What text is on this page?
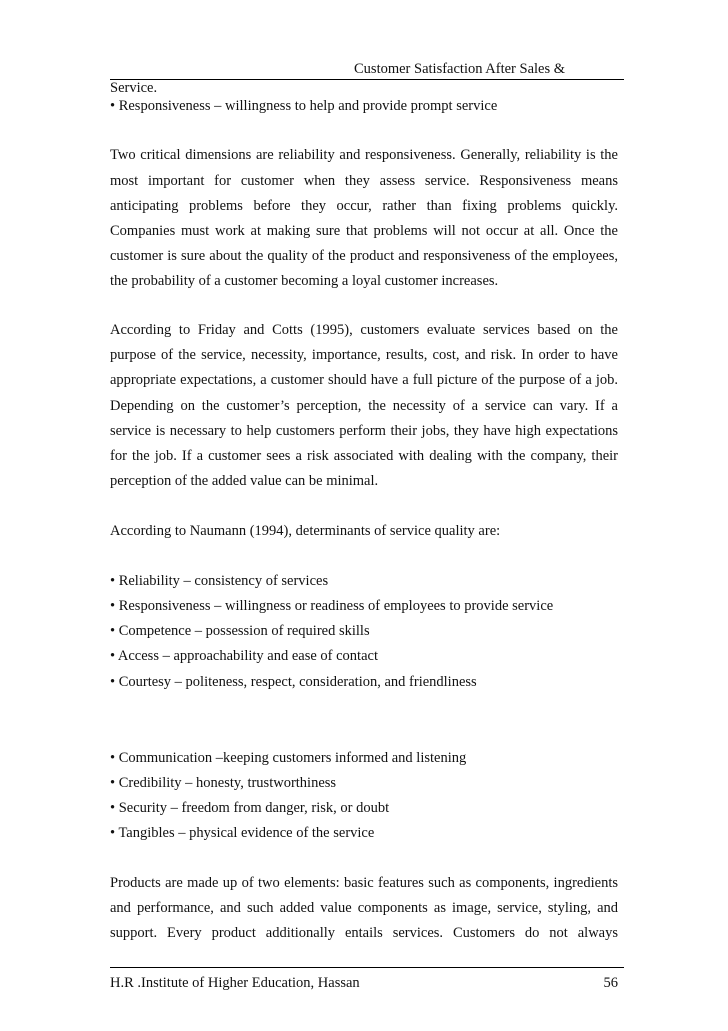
Customer Satisfaction After Sales &
Service.
• Responsiveness – willingness to help and provide prompt service
Two critical dimensions are reliability and responsiveness. Generally, reliability is the
most important for customer when they assess service. Responsiveness means
anticipating problems before they occur, rather than fixing problems quickly.
Companies must work at making sure that problems will not occur at all. Once the
customer is sure about the quality of the product and responsiveness of the employees,
the probability of a customer becoming a loyal customer increases.
According to Friday and Cotts (1995), customers evaluate services based on the
purpose of the service, necessity, importance, results, cost, and risk. In order to have
appropriate expectations, a customer should have a full picture of the purpose of a job.
Depending on the customer’s perception, the necessity of a service can vary. If a
service is necessary to help customers perform their jobs, they have high expectations
for the job. If a customer sees a risk associated with dealing with the company, their
perception of the added value can be minimal.
According to Naumann (1994), determinants of service quality are:
• Reliability – consistency of services
• Responsiveness – willingness or readiness of employees to provide service
• Competence – possession of required skills
• Access – approachability and ease of contact
• Courtesy – politeness, respect, consideration, and friendliness
• Communication –keeping customers informed and listening
• Credibility – honesty, trustworthiness
• Security – freedom from danger, risk, or doubt
• Tangibles – physical evidence of the service
Products are made up of two elements: basic features such as components, ingredients
and performance, and such added value components as image, service, styling, and
support. Every product additionally entails services. Customers do not always
H.R .Institute of Higher Education, Hassan	56
